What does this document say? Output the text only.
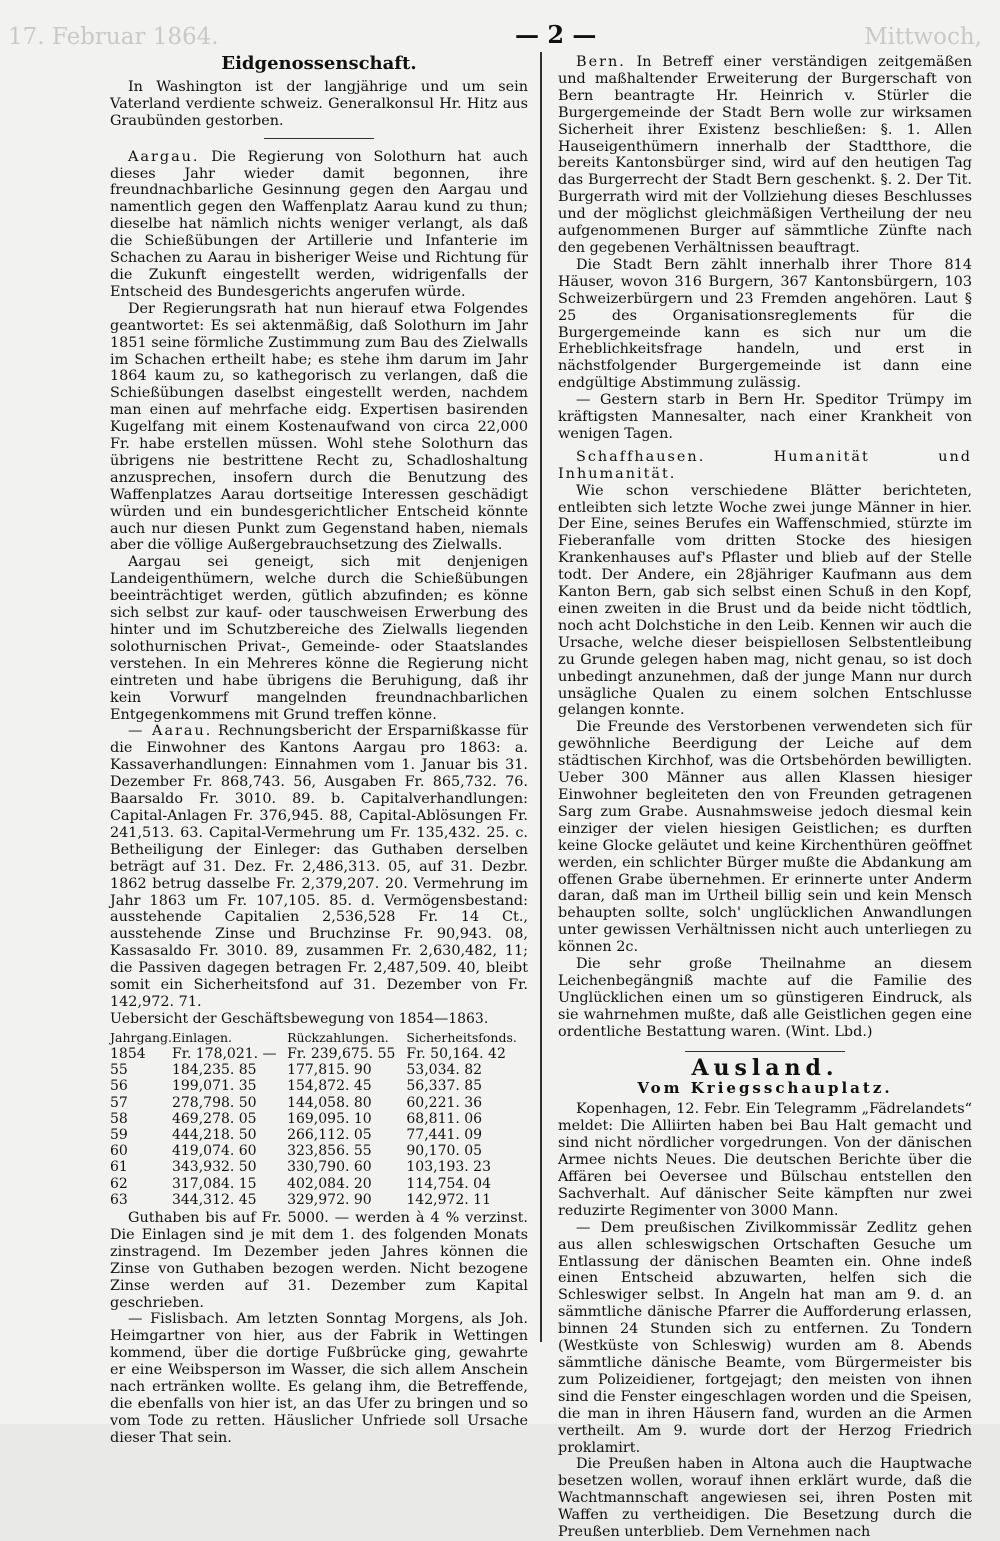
17. Februar 1864.	— 2 —	Mittwoch,
Eidgenossenschaft.

In Washington ist der langjährige und um sein Vaterland verdiente schweiz. Generalkonsul Hr. Hitz aus Graubünden gestorben.

Aargau. Die Regierung von Solothurn hat auch dieses Jahr wieder damit begonnen, ihre freundnachbarliche Gesinnung gegen den Aargau und namentlich gegen den Waffenplatz Aarau kund zu thun; dieselbe hat nämlich nichts weniger verlangt, als daß die Schießübungen der Artillerie und Infanterie im Schachen zu Aarau in bisheriger Weise und Richtung für die Zukunft eingestellt werden, widrigenfalls der Entscheid des Bundesgerichts angerufen würde.

Der Regierungsrath hat nun hierauf etwa Folgendes geantwortet: Es sei aktenmäßig, daß Solothurn im Jahr 1851 seine förmliche Zustimmung zum Bau des Zielwalls im Schachen ertheilt habe; es stehe ihm darum im Jahr 1864 kaum zu, so kathegorisch zu verlangen, daß die Schießübungen daselbst eingestellt werden, nachdem man einen auf mehrfache eidg. Expertisen basirenden Kugelfang mit einem Kostenaufwand von circa 22,000 Fr. habe erstellen müssen. Wohl stehe Solothurn das übrigens nie bestrittene Recht zu, Schadloshaltung anzusprechen, insofern durch die Benutzung des Waffenplatzes Aarau dortseitige Interessen geschädigt würden und ein bundesgerichtlicher Entscheid könnte auch nur diesen Punkt zum Gegenstand haben, niemals aber die völlige Außergebrauchsetzung des Zielwalls.

Aargau sei geneigt, sich mit denjenigen Landeigenthümern, welche durch die Schießübungen beeinträchtiget werden, gütlich abzufinden; es könne sich selbst zur kauf- oder tauschweisen Erwerbung des hinter und im Schutzbereiche des Zielwalls liegenden solothurnischen Privat-, Gemeinde- oder Staatslandes verstehen. In ein Mehreres könne die Regierung nicht eintreten und habe übrigens die Beruhigung, daß ihr kein Vorwurf mangelnden freundnachbarlichen Entgegenkommens mit Grund treffen könne.

— Aarau. Rechnungsbericht der Ersparnißkasse für die Einwohner des Kantons Aargau pro 1863: a. Kassaverhandlungen: Einnahmen vom 1. Januar bis 31. Dezember Fr. 868,743. 56, Ausgaben Fr. 865,732. 76. Baarsaldo Fr. 3010. 89. b. Capitalverhandlungen: Capital-Anlagen Fr. 376,945. 88, Capital-Ablösungen Fr. 241,513. 63. Capital-Vermehrung um Fr. 135,432. 25. c. Betheiligung der Einleger: das Guthaben derselben beträgt auf 31. Dez. Fr. 2,486,313. 05, auf 31. Dezbr. 1862 betrug dasselbe Fr. 2,379,207. 20. Vermehrung im Jahr 1863 um Fr. 107,105. 85. d. Vermögensbestand: ausstehende Capitalien 2,536,528 Fr. 14 Ct., ausstehende Zinse und Bruchzinse Fr. 90,943. 08, Kassasaldo Fr. 3010. 89, zusammen Fr. 2,630,482, 11; die Passiven dagegen betragen Fr. 2,487,509. 40, bleibt somit ein Sicherheitsfond auf 31. Dezember von Fr. 142,972. 71.

Uebersicht der Geschäftsbewegung von 1854—1863.

Jahrgang.	Einlagen.	Rückzahlungen.	Sicherheitsfonds.
1854	Fr. 178,021. —	Fr. 239,675. 55	Fr. 50,164. 42
55	184,235. 85	177,815. 90	53,034. 82
56	199,071. 35	154,872. 45	56,337. 85
57	278,798. 50	144,058. 80	60,221. 36
58	469,278. 05	169,095. 10	68,811. 06
59	444,218. 50	266,112. 05	77,441. 09
60	419,074. 60	323,856. 55	90,170. 05
61	343,932. 50	330,790. 60	103,193. 23
62	317,084. 15	402,084. 20	114,754. 04
63	344,312. 45	329,972. 90	142,972. 11

Guthaben bis auf Fr. 5000. — werden à 4 % verzinst. Die Einlagen sind je mit dem 1. des folgenden Monats zinstragend. Im Dezember jeden Jahres können die Zinse von Guthaben bezogen werden. Nicht bezogene Zinse werden auf 31. Dezember zum Kapital geschrieben.

— Fislisbach. Am letzten Sonntag Morgens, als Joh. Heimgartner von hier, aus der Fabrik in Wettingen kommend, über die dortige Fußbrücke ging, gewahrte er eine Weibsperson im Wasser, die sich allem Anschein nach ertränken wollte. Es gelang ihm, die Betreffende, die ebenfalls von hier ist, an das Ufer zu bringen und so vom Tode zu retten. Häuslicher Unfriede soll Ursache dieser That sein.

Bern. In Betreff einer verständigen zeitgemäßen und maßhaltender Erweiterung der Burgerschaft von Bern beantragte Hr. Heinrich v. Stürler die Burgergemeinde der Stadt Bern wolle zur wirksamen Sicherheit ihrer Existenz beschließen: §. 1. Allen Hauseigenthümern innerhalb der Stadtthore, die bereits Kantonsbürger sind, wird auf den heutigen Tag das Burgerrecht der Stadt Bern geschenkt. §. 2. Der Tit. Burgerrath wird mit der Vollziehung dieses Beschlusses und der möglichst gleichmäßigen Vertheilung der neu aufgenommenen Burger auf sämmtliche Zünfte nach den gegebenen Verhältnissen beauftragt.

Die Stadt Bern zählt innerhalb ihrer Thore 814 Häuser, wovon 316 Burgern, 367 Kantonsbürgern, 103 Schweizerbürgern und 23 Fremden angehören. Laut § 25 des Organisationsreglements für die Burgergemeinde kann es sich nur um die Erheblichkeitsfrage handeln, und erst in nächstfolgender Burgergemeinde ist dann eine endgültige Abstimmung zulässig.

— Gestern starb in Bern Hr. Speditor Trümpy im kräftigsten Mannesalter, nach einer Krankheit von wenigen Tagen.

Schaffhausen. Humanität und Inhumanität.

Wie schon verschiedene Blätter berichteten, entleibten sich letzte Woche zwei junge Männer in hier. Der Eine, seines Berufes ein Waffenschmied, stürzte im Fieberanfalle vom dritten Stocke des hiesigen Krankenhauses auf's Pflaster und blieb auf der Stelle todt. Der Andere, ein 28jähriger Kaufmann aus dem Kanton Bern, gab sich selbst einen Schuß in den Kopf, einen zweiten in die Brust und da beide nicht tödtlich, noch acht Dolchstiche in den Leib. Kennen wir auch die Ursache, welche dieser beispiellosen Selbstentleibung zu Grunde gelegen haben mag, nicht genau, so ist doch unbedingt anzunehmen, daß der junge Mann nur durch unsägliche Qualen zu einem solchen Entschlusse gelangen konnte.

Die Freunde des Verstorbenen verwendeten sich für gewöhnliche Beerdigung der Leiche auf dem städtischen Kirchhof, was die Ortsbehörden bewilligten. Ueber 300 Männer aus allen Klassen hiesiger Einwohner begleiteten den von Freunden getragenen Sarg zum Grabe. Ausnahmsweise jedoch diesmal kein einziger der vielen hiesigen Geistlichen; es durften keine Glocke geläutet und keine Kirchenthüren geöffnet werden, ein schlichter Bürger mußte die Abdankung am offenen Grabe übernehmen. Er erinnerte unter Anderm daran, daß man im Urtheil billig sein und kein Mensch behaupten sollte, solch' unglücklichen Anwandlungen unter gewissen Verhältnissen nicht auch unterliegen zu können 2c.

Die sehr große Theilnahme an diesem Leichenbegängniß machte auf die Familie des Unglücklichen einen um so günstigeren Eindruck, als sie wahrnehmen mußte, daß alle Geistlichen gegen eine ordentliche Bestattung waren. (Wint. Lbd.)

Ausland.

Vom Kriegsschauplatz.

Kopenhagen, 12. Febr. Ein Telegramm „Fädrelandets“ meldet: Die Alliirten haben bei Bau Halt gemacht und sind nicht nördlicher vorgedrungen. Von der dänischen Armee nichts Neues. Die deutschen Berichte über die Affären bei Oeversee und Bülschau entstellen den Sachverhalt. Auf dänischer Seite kämpften nur zwei reduzirte Regimenter von 3000 Mann.

— Dem preußischen Zivilkommissär Zedlitz gehen aus allen schleswigschen Ortschaften Gesuche um Entlassung der dänischen Beamten ein. Ohne indeß einen Entscheid abzuwarten, helfen sich die Schleswiger selbst. In Angeln hat man am 9. d. an sämmtliche dänische Pfarrer die Aufforderung erlassen, binnen 24 Stunden sich zu entfernen. Zu Tondern (Westküste von Schleswig) wurden am 8. Abends sämmtliche dänische Beamte, vom Bürgermeister bis zum Polizeidiener, fortgejagt; den meisten von ihnen sind die Fenster eingeschlagen worden und die Speisen, die man in ihren Häusern fand, wurden an die Armen vertheilt. Am 9. wurde dort der Herzog Friedrich proklamirt.

Die Preußen haben in Altona auch die Hauptwache besetzen wollen, worauf ihnen erklärt wurde, daß die Wachtmannschaft angewiesen sei, ihren Posten mit Waffen zu vertheidigen. Die Besetzung durch die Preußen unterblieb. Dem Vernehmen nach
